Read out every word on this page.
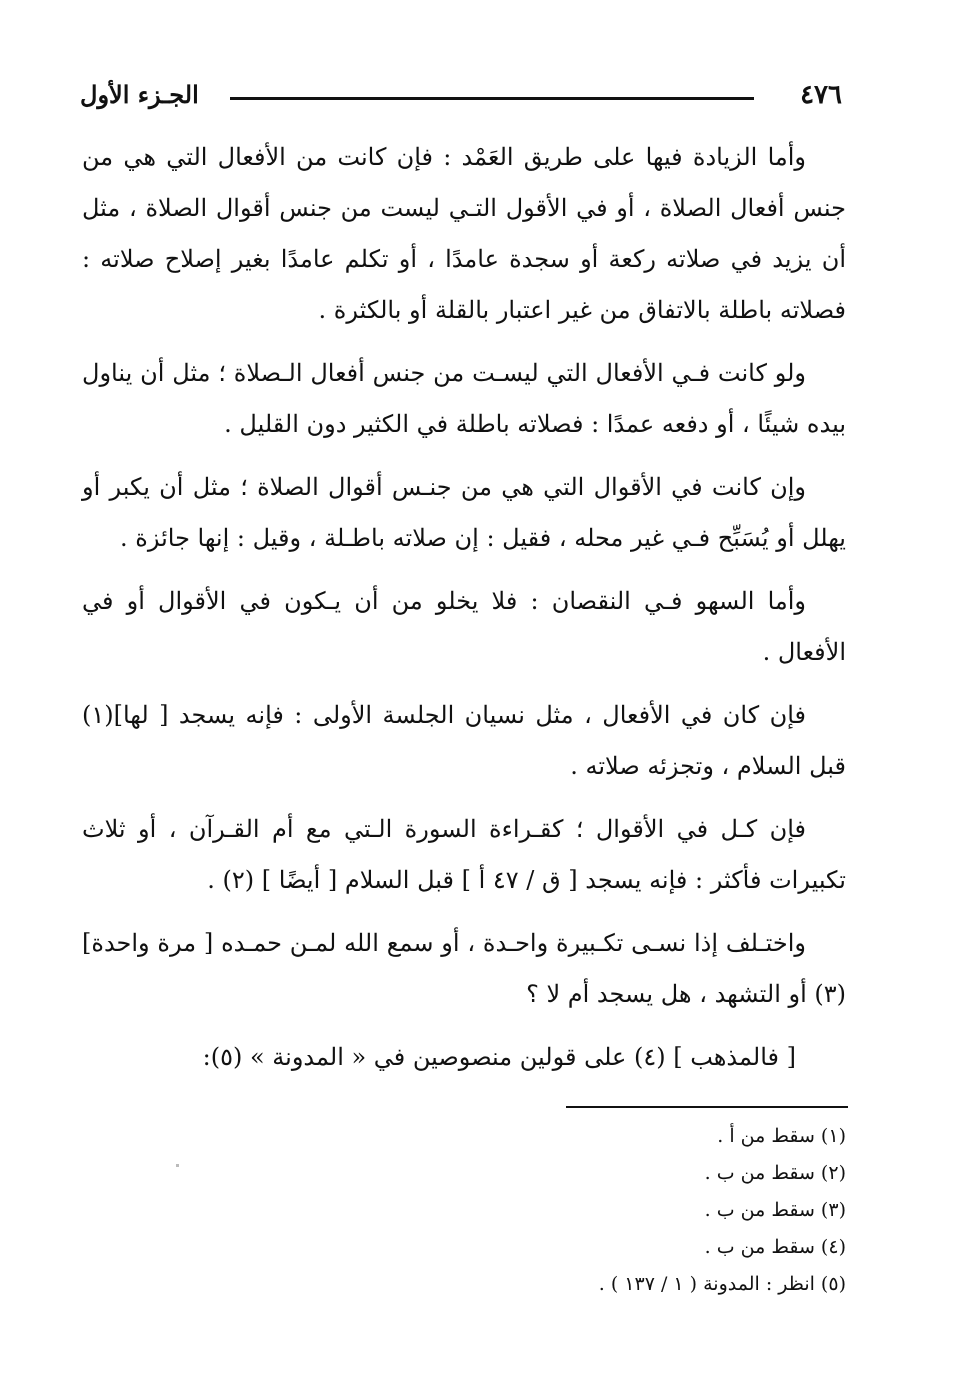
٤٧٦
الجـزء الأول

وأما الزيادة فيها على طريق العَمْد : فإن كانت من الأفعال التي هي من جنس أفعال الصلاة ، أو في الأقول التـي ليست من جنس أقوال الصلاة ، مثل أن يزيد في صلاته ركعة أو سجدة عامدًا ، أو تكلم عامدًا بغير إصلاح صلاته : فصلاته باطلة بالاتفاق من غير اعتبار بالقلة أو بالكثرة .

ولو كانت فـي الأفعال التي ليسـت من جنس أفعال الـصلاة ؛ مثل أن يناول بيده شيئًا ، أو دفعه عمدًا : فصلاته باطلة في الكثير دون القليل .

وإن كانت في الأقوال التي هي من جنـس أقوال الصلاة ؛ مثل أن يكبر أو يهلل أو يُسَبِّح فـي غير محله ، فقيل : إن صلاته باطـلة ، وقيل : إنها جائزة .

وأما السهو فـي النقصان : فلا يخلو من أن يـكون في الأقوال أو في الأفعال .

فإن كان في الأفعال ، مثل نسيان الجلسة الأولى : فإنه يسجد [ لها](١) قبل السلام ، وتجزئه صلاته .

فإن كـل في الأقوال ؛ كقـراءة السورة الـتي مع أم القـرآن ، أو ثلاث تكبيرات فأكثر : فإنه يسجد [ ق / ٤٧ أ ] قبل السلام [ أيضًا ] (٢) .

واختـلف إذا نسـى تكـبيرة واحـدة ، أو سمع الله لمـن حمـده [ مرة واحدة](٣) أو التشهد ، هل يسجد أم لا ؟

[ فالمذهب ] (٤) على قولين منصوصين في « المدونة » (٥):

(١) سقط من أ .

(٢) سقط من ب .

(٣) سقط من ب .

(٤) سقط من ب .

(٥) انظر : المدونة ( ١ / ١٣٧ ) .
